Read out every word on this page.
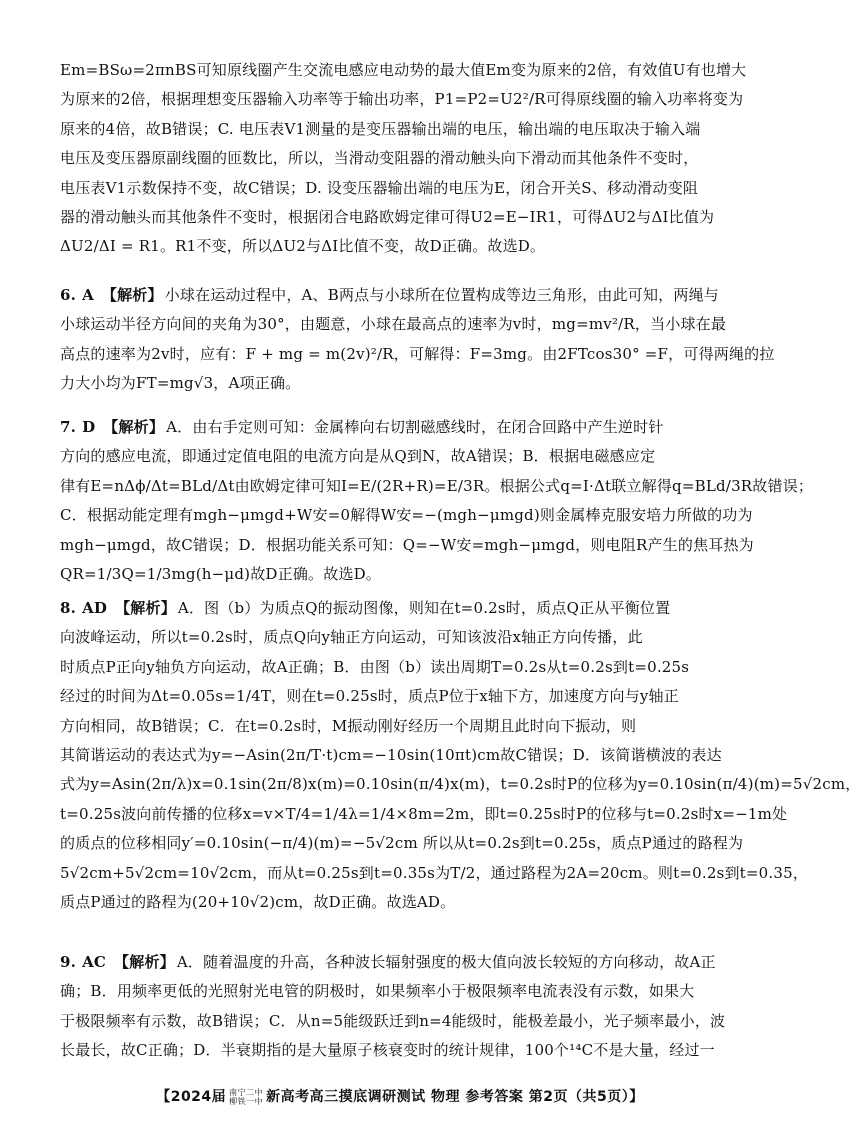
Em=BSω=2πnBS可知原线圈产生交流电感应电动势的最大值Em变为原来的2倍，有效值U有也增大
为原来的2倍，根据理想变压器输入功率等于输出功率，P1=P2=U2²/R可得原线圈的输入功率将变为
原来的4倍，故B错误；C. 电压表V1测量的是变压器输出端的电压，输出端的电压取决于输入端
电压及变压器原副线圈的匝数比，所以，当滑动变阻器的滑动触头向下滑动而其他条件不变时，
电压表V1示数保持不变，故C错误；D. 设变压器输出端的电压为E，闭合开关S、移动滑动变阻
器的滑动触头而其他条件不变时，根据闭合电路欧姆定律可得U2=E−IR1，可得ΔU2与ΔI比值为
ΔU2/ΔI = R1。R1不变，所以ΔU2与ΔI比值不变，故D正确。故选D。
6. A 【解析】 小球在运动过程中，A、B两点与小球所在位置构成等边三角形，由此可知，两绳与
小球运动半径方向间的夹角为30°，由题意，小球在最高点的速率为v时，mg=mv²/R，当小球在最
高点的速率为2v时，应有：F + mg = m(2v)²/R，可解得：F=3mg。由2FTcos30° =F，可得两绳的拉
力大小均为FT=mg√3，A项正确。
7. D 【解析】 A．由右手定则可知：金属棒向右切割磁感线时，在闭合回路中产生逆时针
方向的感应电流，即通过定值电阻的电流方向是从Q到N，故A错误；B．根据电磁感应定
律有E=nΔϕ/Δt=BLd/Δt由欧姆定律可知I=E/(2R+R)=E/3R。根据公式q=I·Δt联立解得q=BLd/3R故错误；
C．根据动能定理有mgh−μmgd+W安=0解得W安=−(mgh−μmgd)则金属棒克服安培力所做的功为
mgh−μmgd，故C错误；D．根据功能关系可知：Q=−W安=mgh−μmgd，则电阻R产生的焦耳热为
QR=1/3Q=1/3mg(h−μd)故D正确。故选D。
8. AD 【解析】 A．图（b）为质点Q的振动图像，则知在t=0.2s时，质点Q正从平衡位置
向波峰运动，所以t=0.2s时，质点Q向y轴正方向运动，可知该波沿x轴正方向传播，此
时质点P正向y轴负方向运动，故A正确；B．由图（b）读出周期T=0.2s从t=0.2s到t=0.25s
经过的时间为Δt=0.05s=1/4T，则在t=0.25s时，质点P位于x轴下方，加速度方向与y轴正
方向相同，故B错误；C．在t=0.2s时，M振动刚好经历一个周期且此时向下振动，则
其简谐运动的表达式为y=−Asin(2π/T·t)cm=−10sin(10πt)cm故C错误；D．该简谐横波的表达
式为y=Asin(2π/λ)x=0.1sin(2π/8)x(m)=0.10sin(π/4)x(m)，t=0.2s时P的位移为y=0.10sin(π/4)(m)=5√2cm，
t=0.25s波向前传播的位移x=v×T/4=1/4λ=1/4×8m=2m，即t=0.25s时P的位移与t=0.2s时x=−1m处
的质点的位移相同y′=0.10sin(−π/4)(m)=−5√2cm 所以从t=0.2s到t=0.25s，质点P通过的路程为
5√2cm+5√2cm=10√2cm，而从t=0.25s到t=0.35s为T/2，通过路程为2A=20cm。则t=0.2s到t=0.35，
质点P通过的路程为(20+10√2)cm，故D正确。故选AD。
9. AC 【解析】 A．随着温度的升高，各种波长辐射强度的极大值向波长较短的方向移动，故A正
确；B．用频率更低的光照射光电管的阴极时，如果频率小于极限频率电流表没有示数，如果大
于极限频率有示数，故B错误；C．从n=5能级跃迁到n=4能级时，能极差最小，光子频率最小，波
长最长，故C正确；D．半衰期指的是大量原子核衰变时的统计规律，100个¹⁴C不是大量，经过一
【2024届 南宁二中
柳铁一中 新高考高三摸底调研测试 物理 参考答案 第2页（共5页）】
